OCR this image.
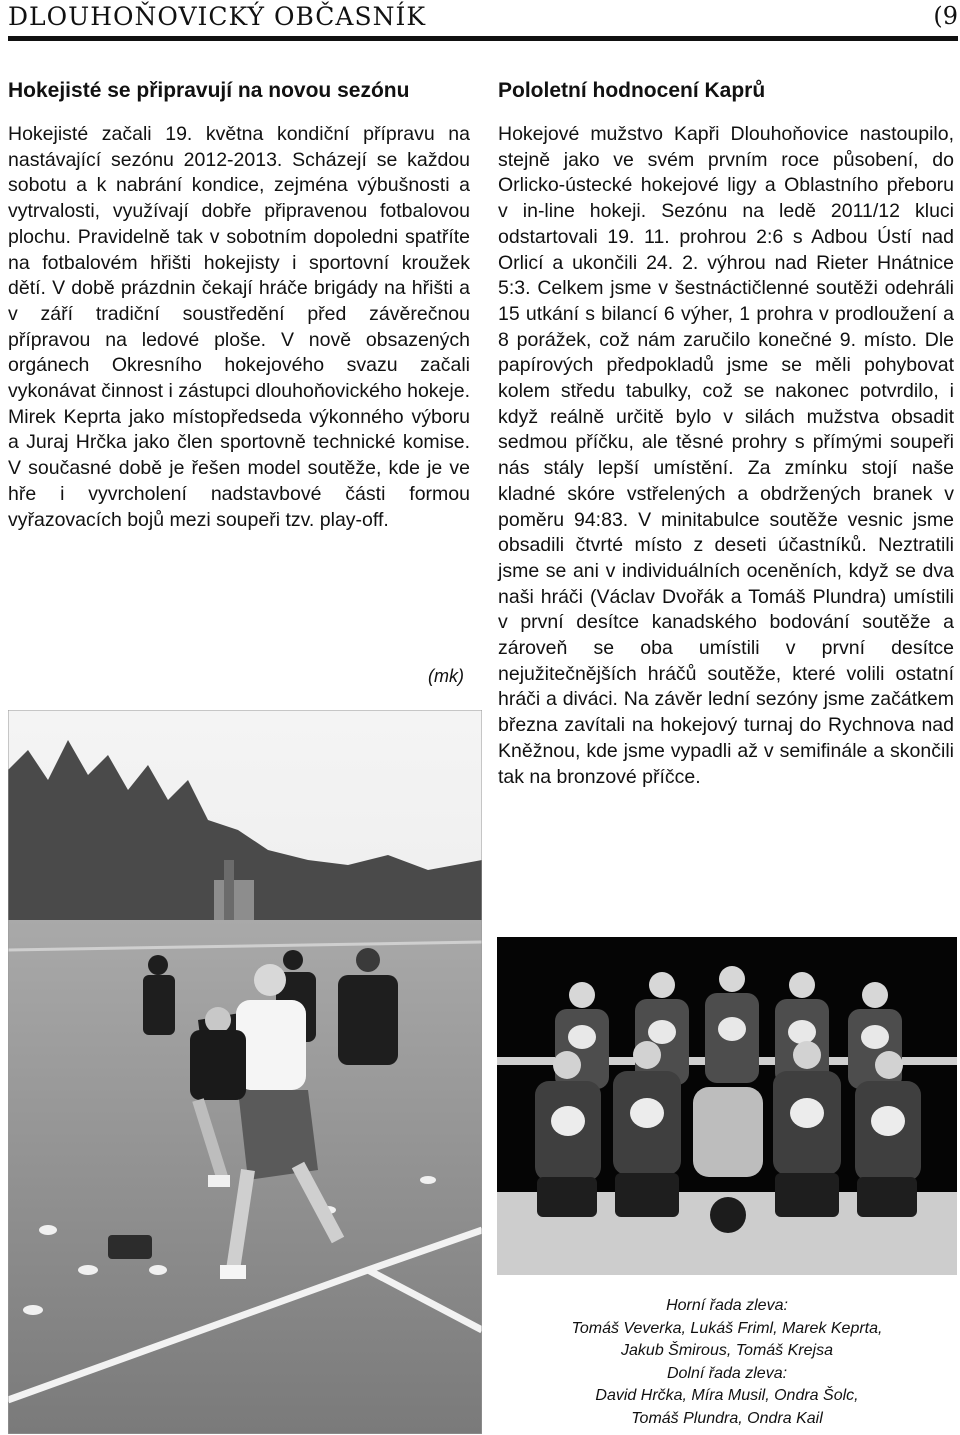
DLOUHOŇOVICKÝ OBČASNÍK	(9
Hokejisté se připravují na novou sezónu

Hokejisté začali 19. května kondiční přípravu na nastávající sezónu 2012-2013. Scházejí se každou sobotu a k nabrání kondice, zejména výbušnosti a vytrvalosti, využívají dobře připravenou fotbalovou plochu. Pravidelně tak v sobotním dopoledni spatříte na fotbalovém hřišti hokejisty i sportovní kroužek dětí. V době prázdnin čekají hráče brigády na hřišti a v září tradiční soustředění před závěrečnou přípravou na ledové ploše. V nově obsazených orgánech Okresního hokejového svazu začali vykonávat činnost i zástupci dlouhoňovického hokeje. Mirek Keprta jako místopředseda výkonného výboru a Juraj Hrčka jako člen sportovně technické komise. V současné době je řešen model soutěže, kde je ve hře i vyvrcholení nadstavbové části formou vyřazovacích bojů mezi soupeři tzv. play-off.

(mk)
Pololetní hodnocení Kaprů

Hokejové mužstvo Kapři Dlouhoňovice nastoupilo, stejně jako ve svém prvním roce působení, do Orlicko-ústecké hokejové ligy a Oblastního přeboru v in-line hokeji. Sezónu na ledě 2011/12 kluci odstartovali 19. 11. prohrou 2:6 s Adbou Ústí nad Orlicí a ukončili 24. 2. výhrou nad Rieter Hnátnice 5:3. Celkem jsme v šestnáctičlenné soutěži odehráli 15 utkání s bilancí 6 výher, 1 prohra v prodloužení a 8 porážek, což nám zaručilo konečné 9. místo. Dle papírových předpokladů jsme se měli pohybovat kolem středu tabulky, což se nakonec potvrdilo, i když reálně určitě bylo v silách mužstva obsadit sedmou příčku, ale těsné prohry s přímými soupeři nás stály lepší umístění. Za zmínku stojí naše kladné skóre vstřelených a obdržených branek v poměru 94:83. V minitabulce soutěže vesnic jsme obsadili čtvrté místo z deseti účastníků. Neztratili jsme se ani v individuálních oceněních, když se dva naši hráči (Václav Dvořák a Tomáš Plundra) umístili v první desítce kanadského bodování soutěže a zároveň se oba umístili v první desítce nejužitečnějších hráčů soutěže, které volili ostatní hráči a diváci. Na závěr lední sezóny jsme začátkem března zavítali na hokejový turnaj do Rychnova nad Kněžnou, kde jsme vypadli až v semifinále a skončili tak na bronzové příčce.

Horní řada zleva:
Tomáš Veverka, Lukáš Friml, Marek Keprta,
Jakub Šmirous, Tomáš Krejsa
Dolní řada zleva:
David Hrčka, Míra Musil, Ondra Šolc,
Tomáš Plundra, Ondra Kail
